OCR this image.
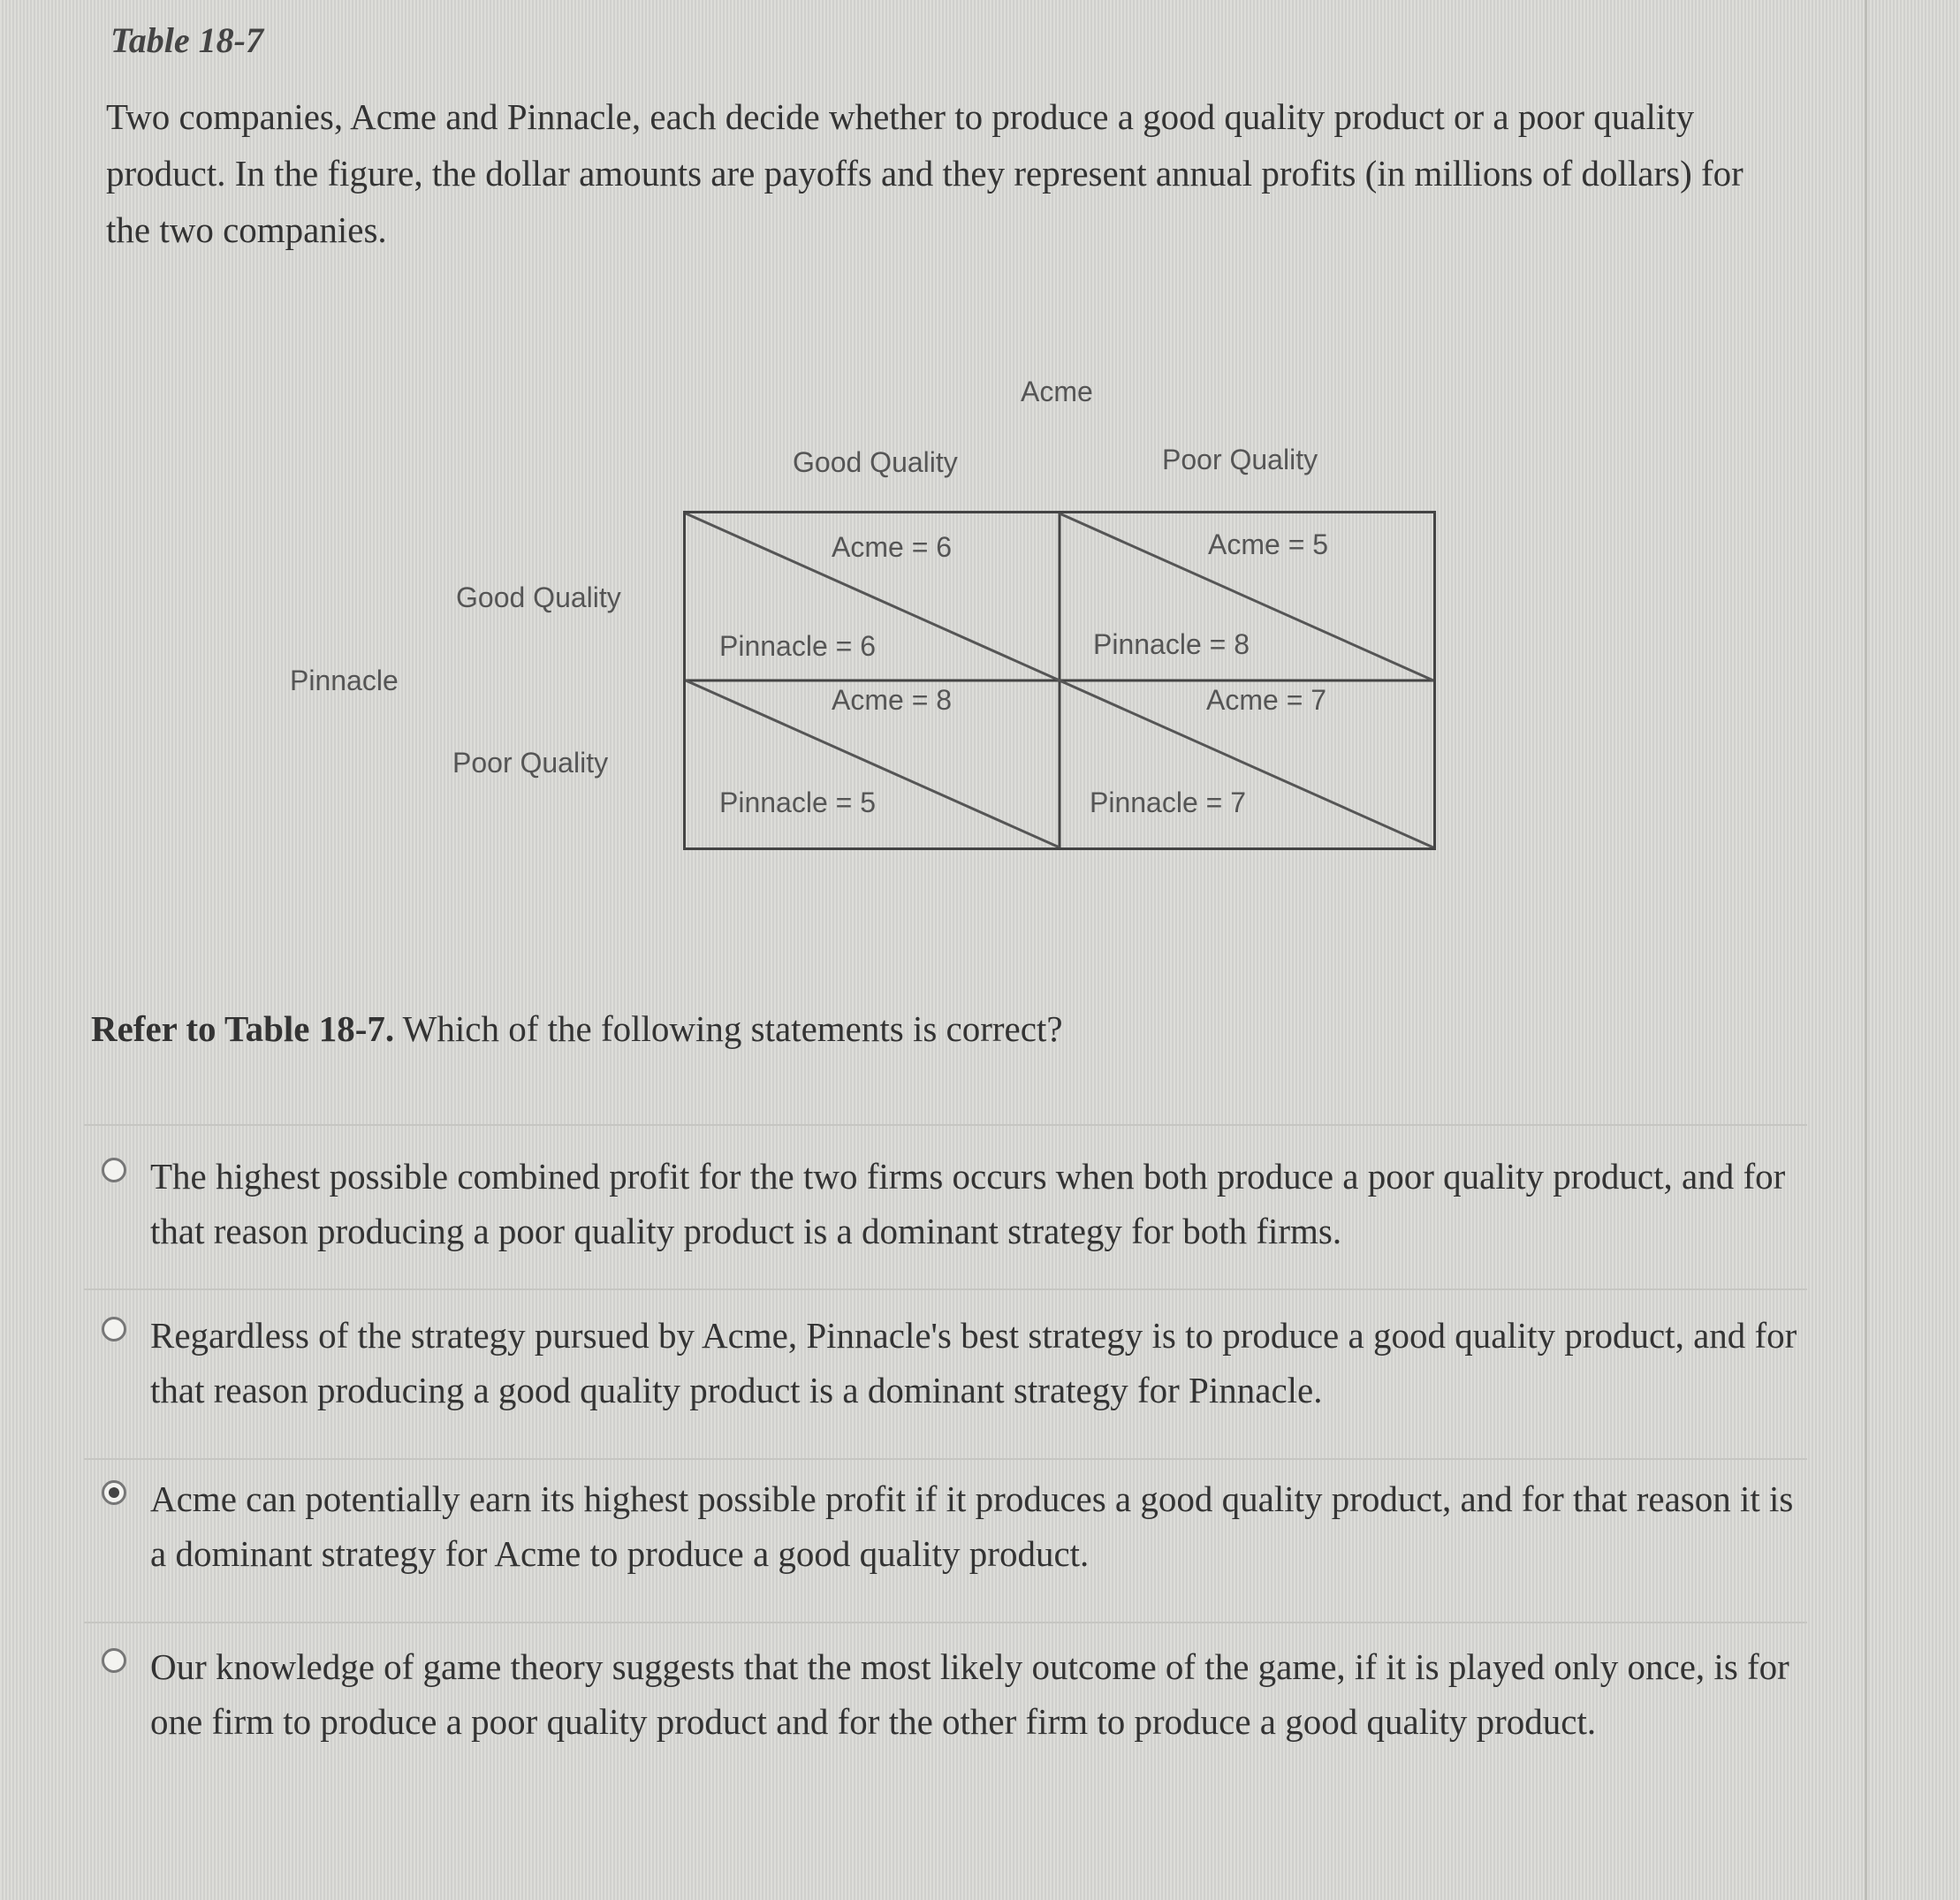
Table 18-7
Two companies, Acme and Pinnacle, each decide whether to produce a good quality product or a poor quality product. In the figure, the dollar amounts are payoffs and they represent annual profits (in millions of dollars) for the two companies.
Acme
Good Quality	Poor Quality
Pinnacle
Good Quality
Poor Quality
Acme = 6
Pinnacle = 6
Acme = 5
Pinnacle = 8
Acme = 8
Pinnacle = 5
Acme = 7
Pinnacle = 7
Refer to Table 18-7. Which of the following statements is correct?
The highest possible combined profit for the two firms occurs when both produce a poor quality product, and for that reason producing a poor quality product is a dominant strategy for both firms.
Regardless of the strategy pursued by Acme, Pinnacle's best strategy is to produce a good quality product, and for that reason producing a good quality product is a dominant strategy for Pinnacle.
Acme can potentially earn its highest possible profit if it produces a good quality product, and for that reason it is a dominant strategy for Acme to produce a good quality product.
Our knowledge of game theory suggests that the most likely outcome of the game, if it is played only once, is for one firm to produce a poor quality product and for the other firm to produce a good quality product.
